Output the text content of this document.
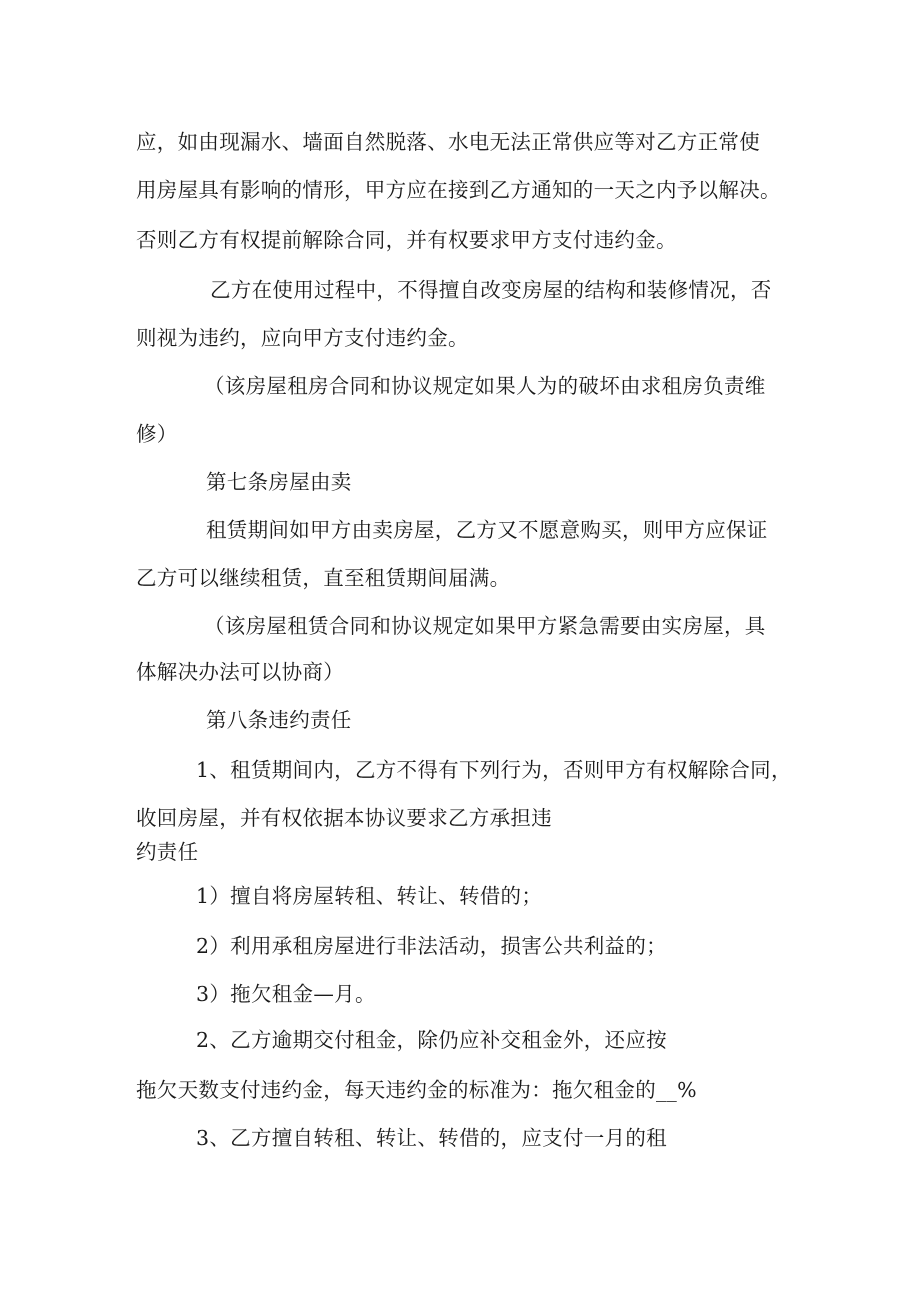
应，如由现漏水、墙面自然脱落、水电无法正常供应等对乙方正常使
用房屋具有影响的情形，甲方应在接到乙方通知的一天之内予以解决。
否则乙方有权提前解除合同，并有权要求甲方支付违约金。
乙方在使用过程中，不得擅自改变房屋的结构和装修情况，否
则视为违约，应向甲方支付违约金。
（该房屋租房合同和协议规定如果人为的破坏由求租房负责维
修）
第七条房屋由卖
租赁期间如甲方由卖房屋，乙方又不愿意购买，则甲方应保证
乙方可以继续租赁，直至租赁期间届满。
（该房屋租赁合同和协议规定如果甲方紧急需要由实房屋，具
体解决办法可以协商）
第八条违约责任
1、租赁期间内，乙方不得有下列行为，否则甲方有权解除合同，
收回房屋，并有权依据本协议要求乙方承担违
约责任
1）擅自将房屋转租、转让、转借的；
2）利用承租房屋进行非法活动，损害公共利益的；
3）拖欠租金—月。
2、乙方逾期交付租金，除仍应补交租金外，还应按
拖欠天数支付违约金，每天违约金的标准为：拖欠租金的__%
3、乙方擅自转租、转让、转借的，应支付一月的租
